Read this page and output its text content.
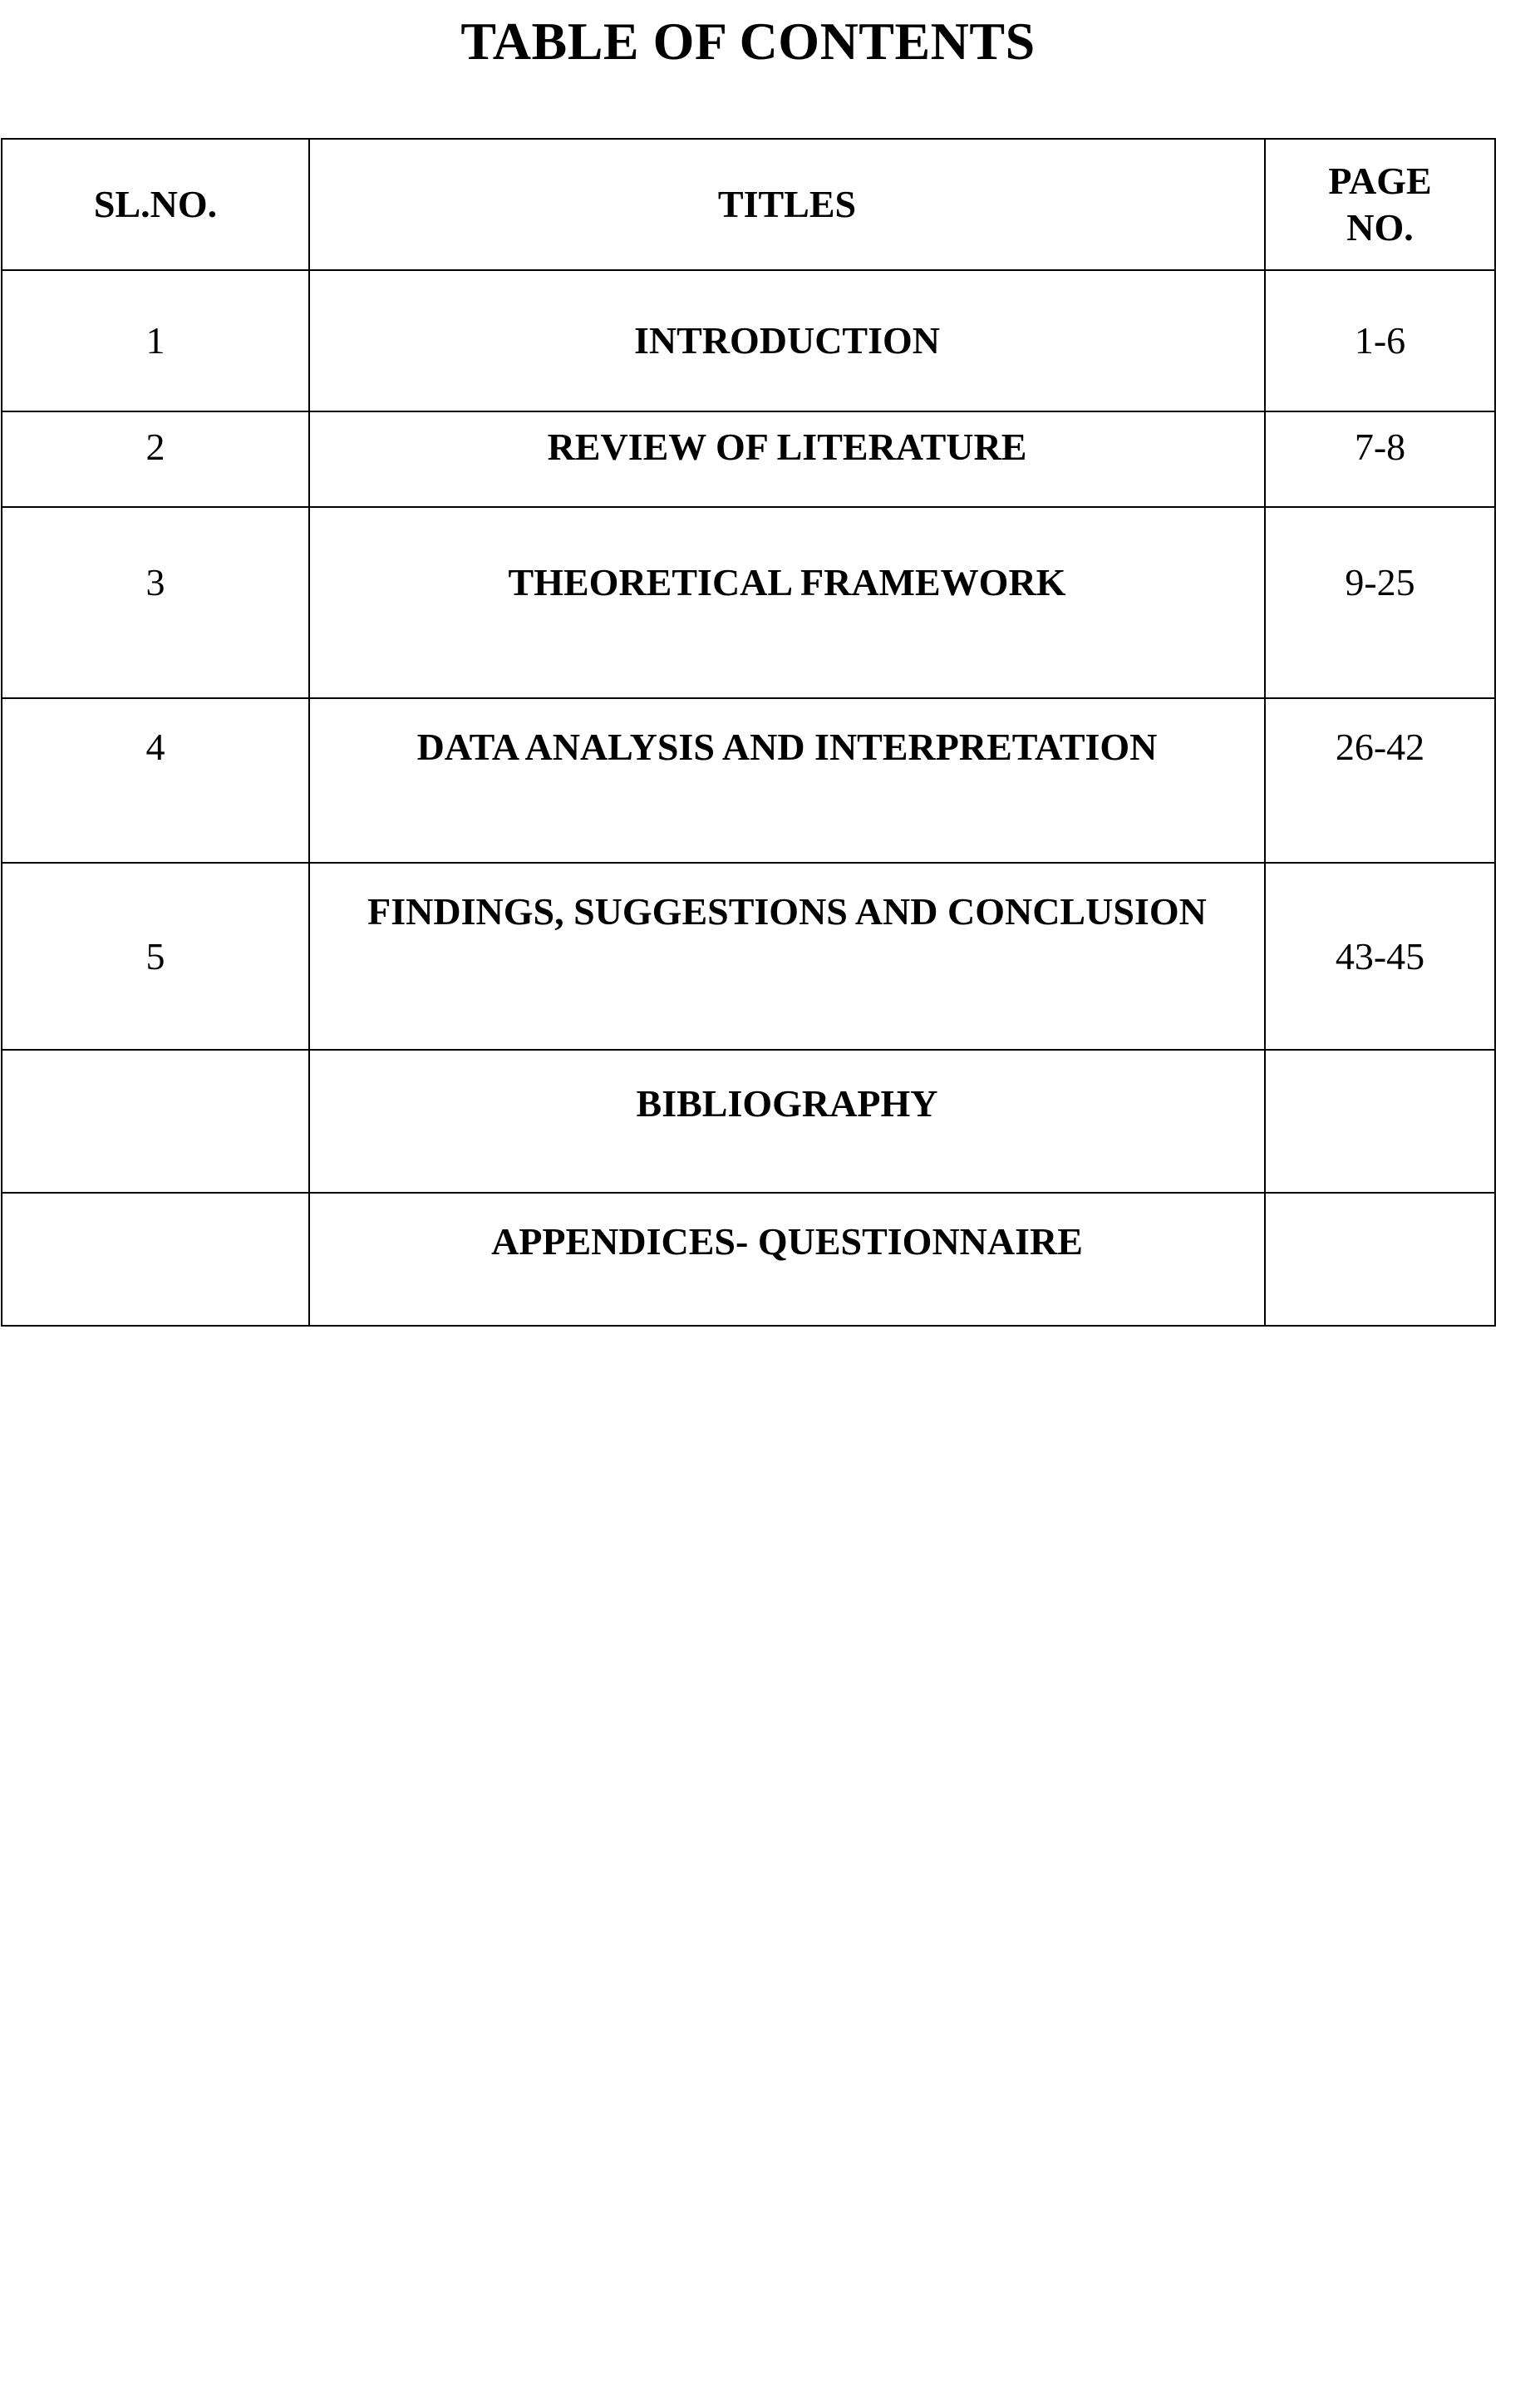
TABLE OF CONTENTS
SL.NO.	TITLES	PAGE
NO.
1	INTRODUCTION	1-6
2	REVIEW OF LITERATURE	7-8
3	THEORETICAL FRAMEWORK	9-25
4	DATA ANALYSIS AND INTERPRETATION	26-42
5	FINDINGS, SUGGESTIONS AND CONCLUSION	43-45
	BIBLIOGRAPHY	
	APPENDICES- QUESTIONNAIRE	
